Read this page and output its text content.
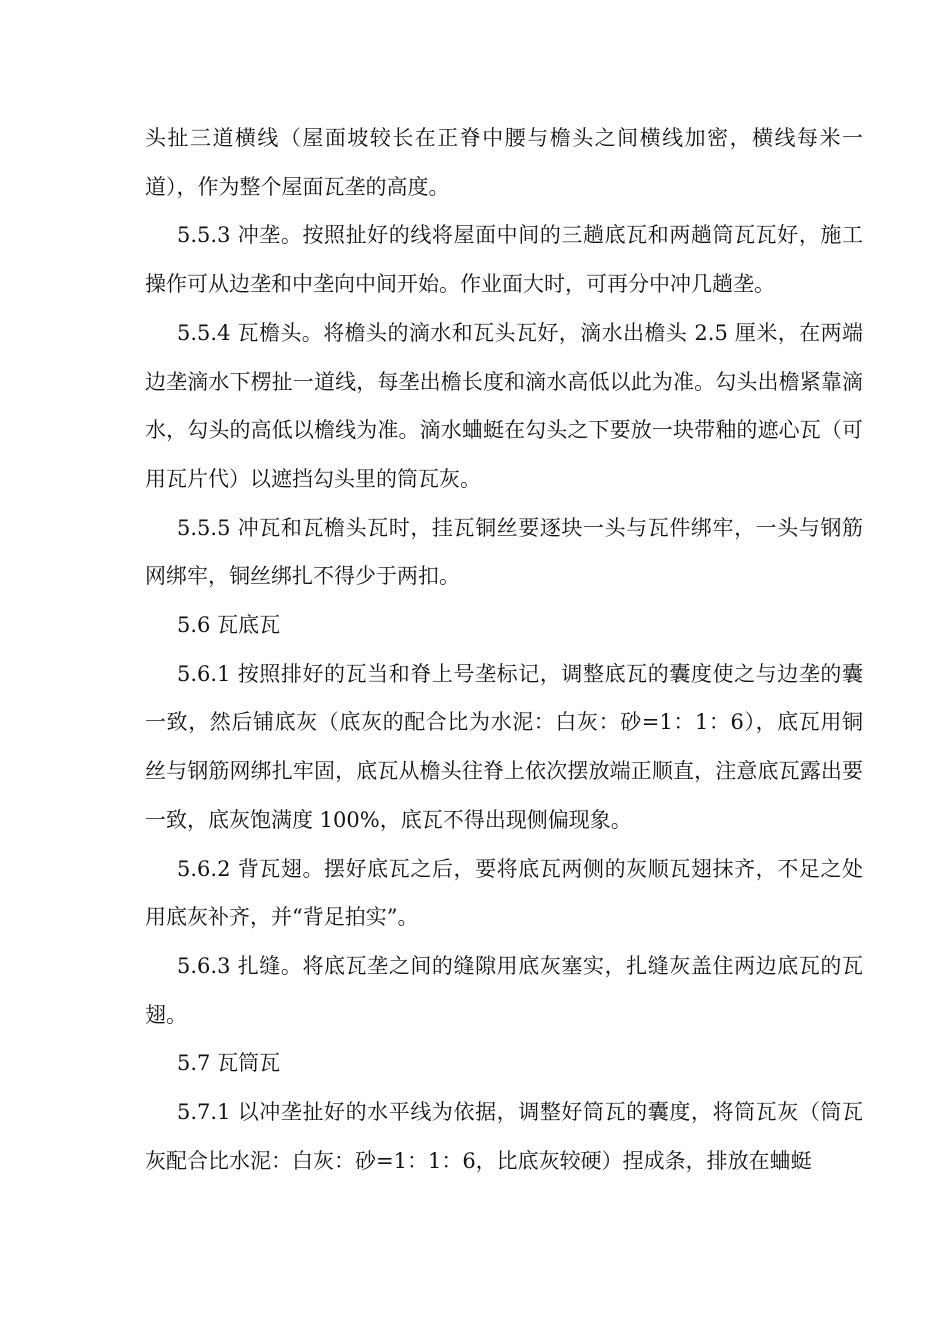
头扯三道横线（屋面坡较长在正脊中腰与檐头之间横线加密，横线每米一道），作为整个屋面瓦垄的高度。

5.5.3 冲垄。按照扯好的线将屋面中间的三趟底瓦和两趟筒瓦瓦好，施工操作可从边垄和中垄向中间开始。作业面大时，可再分中冲几趟垄。

5.5.4 瓦檐头。将檐头的滴水和瓦头瓦好，滴水出檐头 2.5 厘米，在两端边垄滴水下楞扯一道线，每垄出檐长度和滴水高低以此为准。勾头出檐紧靠滴水，勾头的高低以檐线为准。滴水蛐蜓在勾头之下要放一块带釉的遮心瓦（可用瓦片代）以遮挡勾头里的筒瓦灰。

5.5.5 冲瓦和瓦檐头瓦时，挂瓦铜丝要逐块一头与瓦件绑牢，一头与钢筋网绑牢，铜丝绑扎不得少于两扣。

5.6 瓦底瓦

5.6.1 按照排好的瓦当和脊上号垄标记，调整底瓦的囊度使之与边垄的囊一致，然后铺底灰（底灰的配合比为水泥：白灰：砂=1：1：6），底瓦用铜丝与钢筋网绑扎牢固，底瓦从檐头往脊上依次摆放端正顺直，注意底瓦露出要一致，底灰饱满度 100%，底瓦不得出现侧偏现象。

5.6.2 背瓦翅。摆好底瓦之后，要将底瓦两侧的灰顺瓦翅抹齐，不足之处用底灰补齐，并“背足拍实”。

5.6.3 扎缝。将底瓦垄之间的缝隙用底灰塞实，扎缝灰盖住两边底瓦的瓦翅。

5.7 瓦筒瓦

5.7.1 以冲垄扯好的水平线为依据，调整好筒瓦的囊度，将筒瓦灰（筒瓦灰配合比水泥：白灰：砂=1：1：6，比底灰较硬）捏成条，排放在蛐蜓
